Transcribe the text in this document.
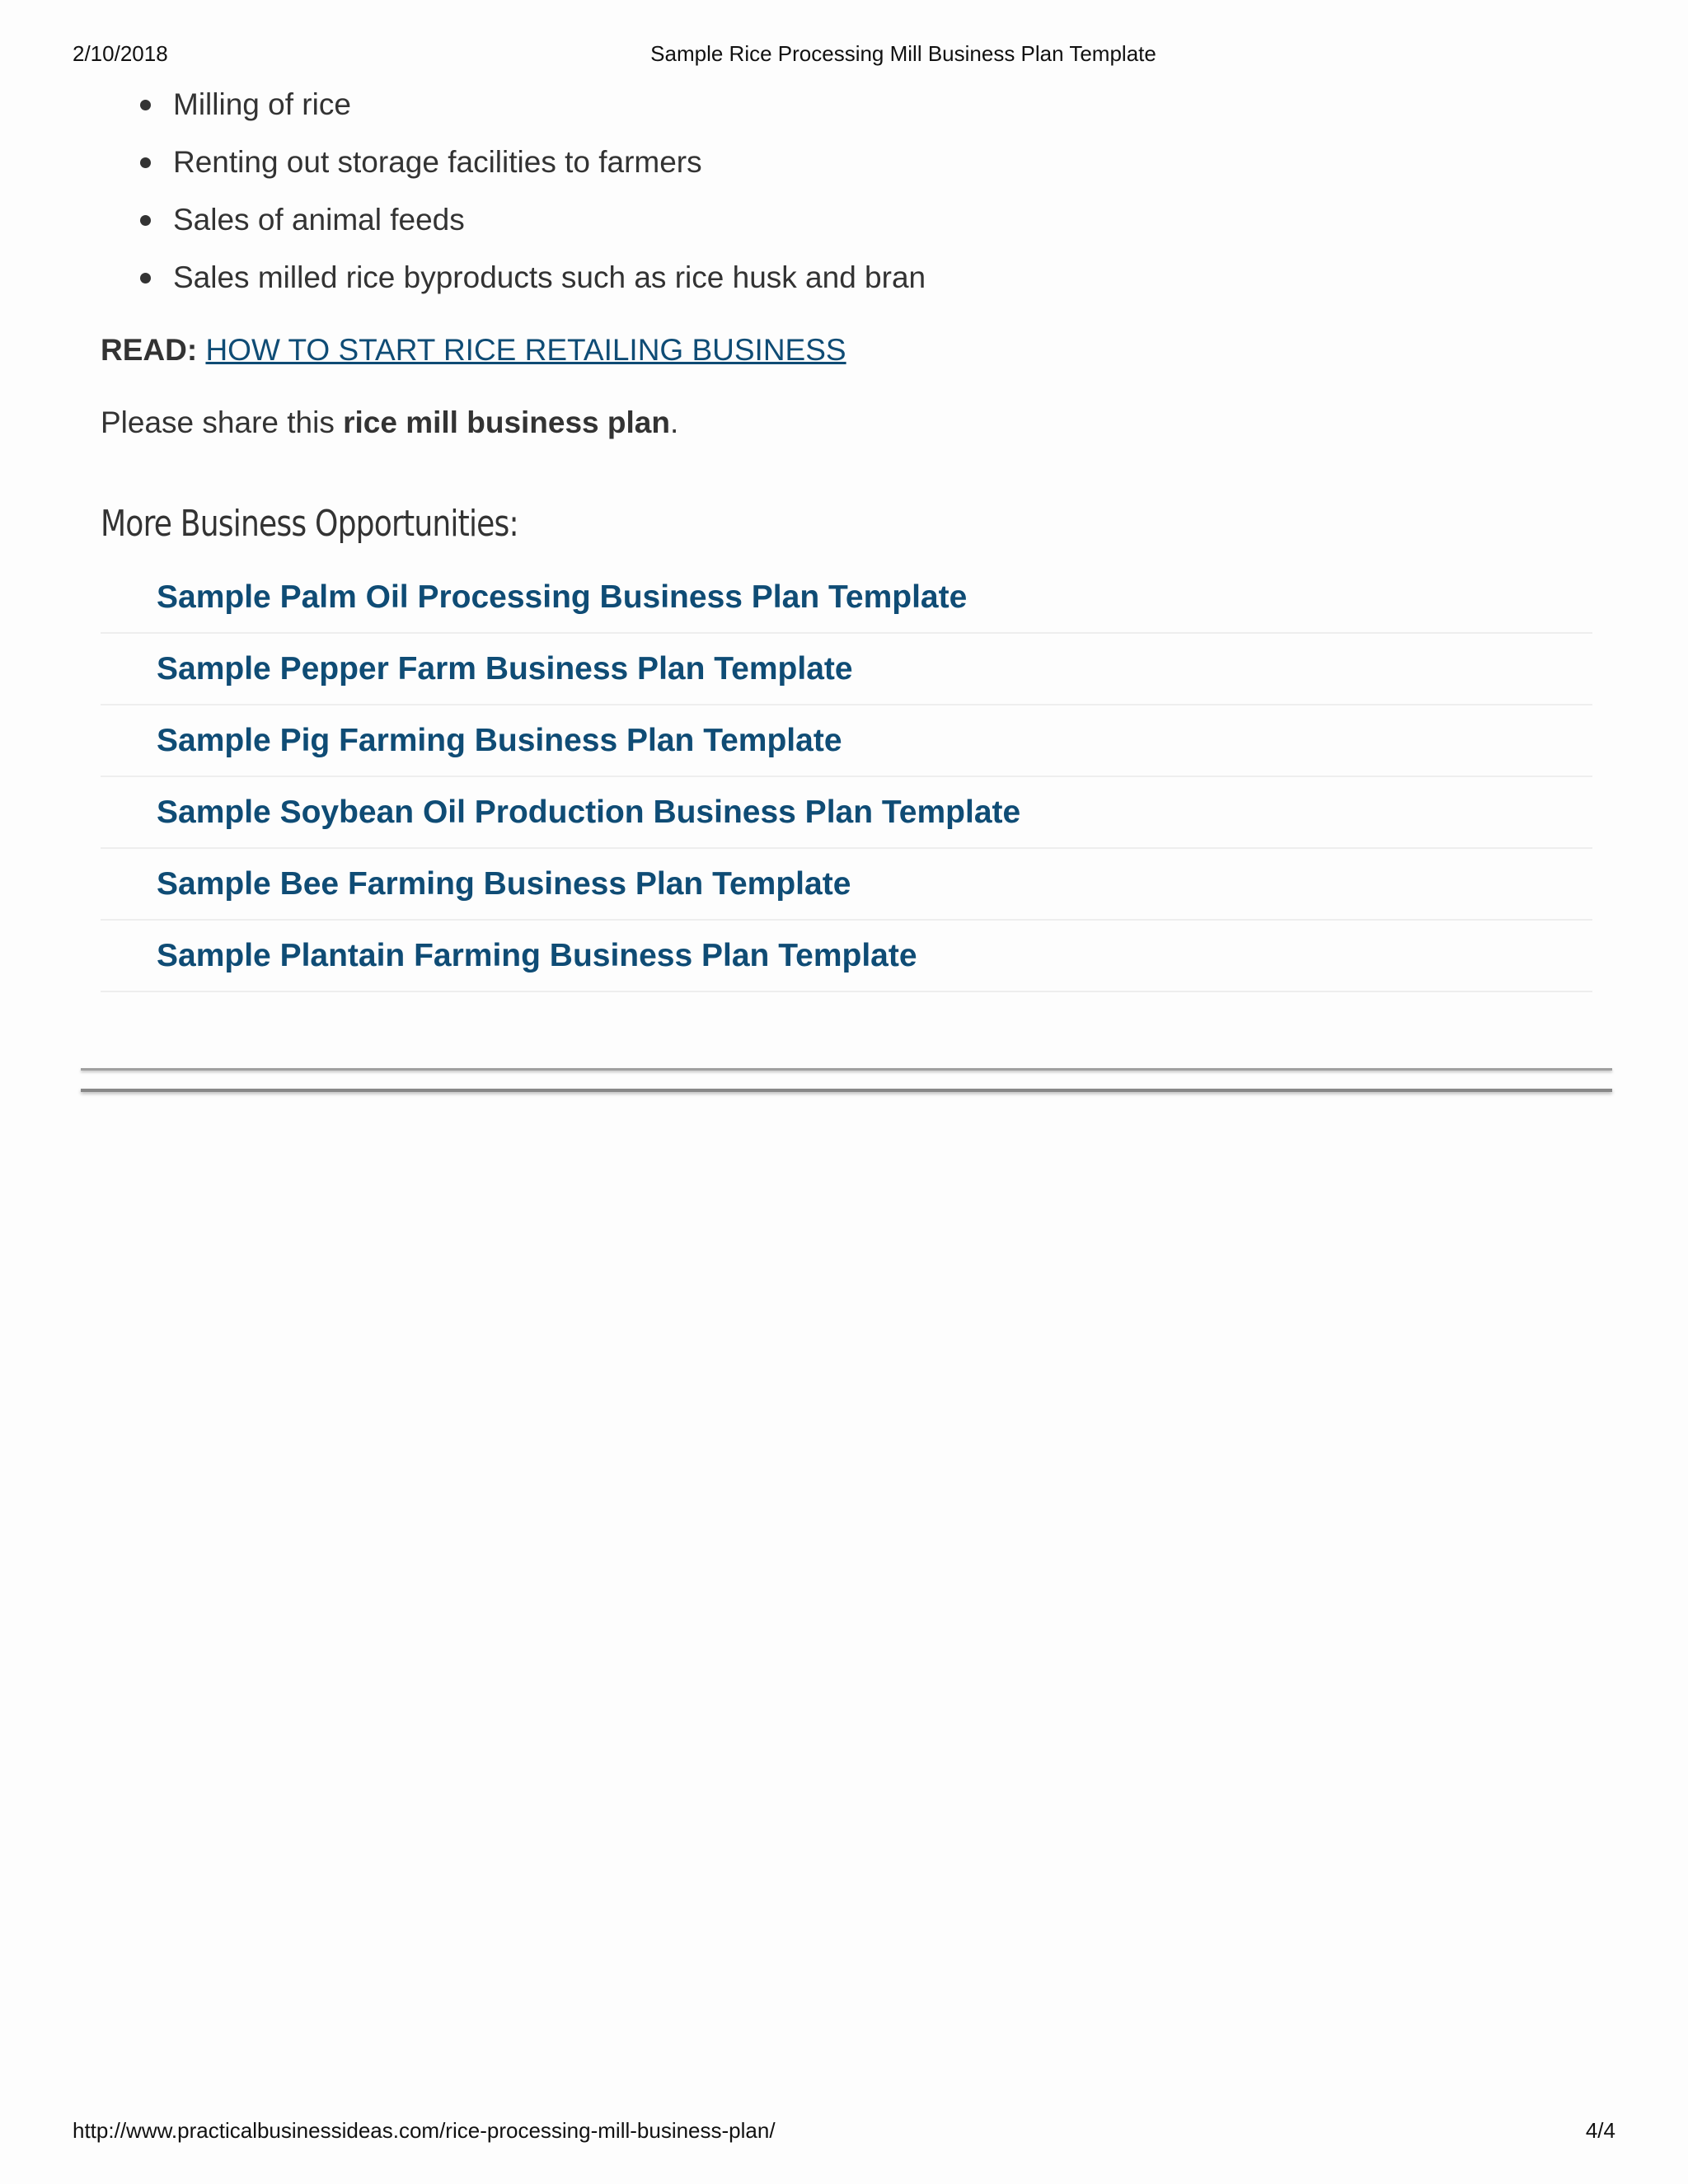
2/10/2018	Sample Rice Processing Mill Business Plan Template
Milling of rice
Renting out storage facilities to farmers
Sales of animal feeds
Sales milled rice byproducts such as rice husk and bran
READ: HOW TO START RICE RETAILING BUSINESS
Please share this rice mill business plan.
More Business Opportunities:
Sample Palm Oil Processing Business Plan Template
Sample Pepper Farm Business Plan Template
Sample Pig Farming Business Plan Template
Sample Soybean Oil Production Business Plan Template
Sample Bee Farming Business Plan Template
Sample Plantain Farming Business Plan Template
http://www.practicalbusinessideas.com/rice-processing-mill-business-plan/	4/4
